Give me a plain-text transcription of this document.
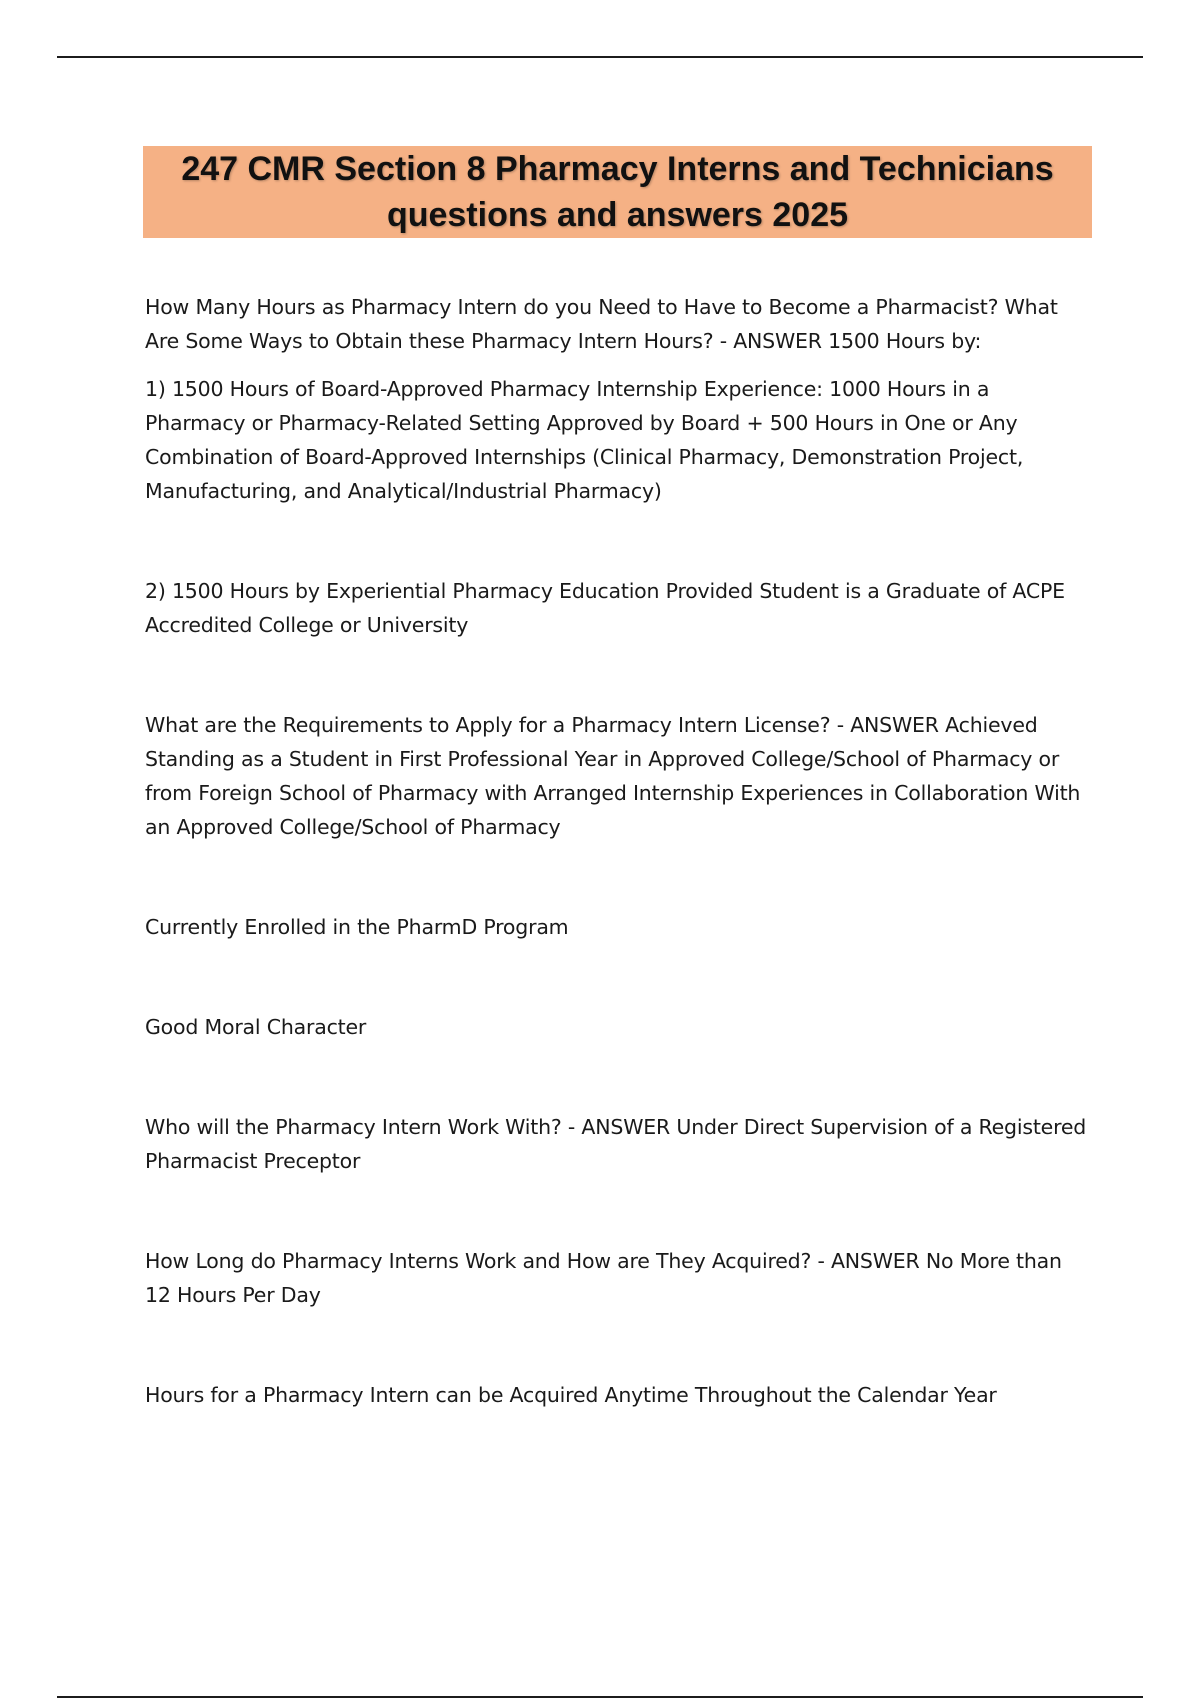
247 CMR Section 8 Pharmacy Interns and Technicians
questions and answers 2025

How Many Hours as Pharmacy Intern do you Need to Have to Become a Pharmacist? What Are Some Ways to Obtain these Pharmacy Intern Hours? - ANSWER 1500 Hours by:

1) 1500 Hours of Board-Approved Pharmacy Internship Experience: 1000 Hours in a Pharmacy or Pharmacy-Related Setting Approved by Board + 500 Hours in One or Any Combination of Board-Approved Internships (Clinical Pharmacy, Demonstration Project, Manufacturing, and Analytical/Industrial Pharmacy)

2) 1500 Hours by Experiential Pharmacy Education Provided Student is a Graduate of ACPE Accredited College or University

What are the Requirements to Apply for a Pharmacy Intern License? - ANSWER Achieved Standing as a Student in First Professional Year in Approved College/School of Pharmacy or from Foreign School of Pharmacy with Arranged Internship Experiences in Collaboration With an Approved College/School of Pharmacy

Currently Enrolled in the PharmD Program

Good Moral Character

Who will the Pharmacy Intern Work With? - ANSWER Under Direct Supervision of a Registered Pharmacist Preceptor

How Long do Pharmacy Interns Work and How are They Acquired? - ANSWER No More than 12 Hours Per Day

Hours for a Pharmacy Intern can be Acquired Anytime Throughout the Calendar Year
